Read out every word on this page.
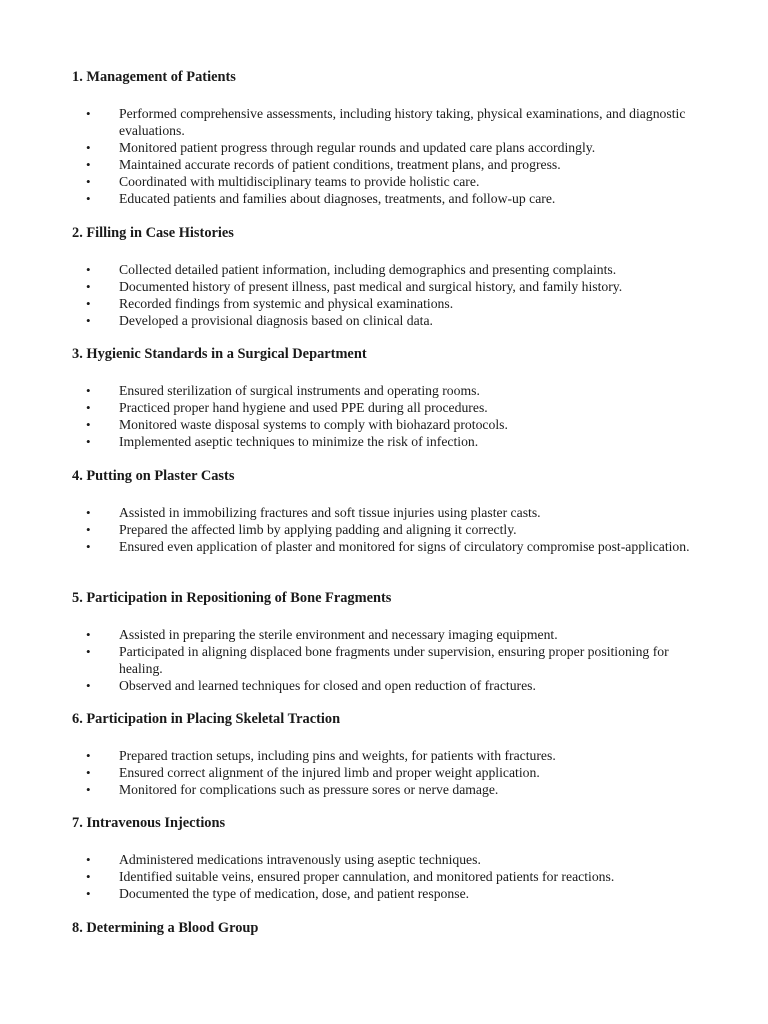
1. Management of Patients
• Performed comprehensive assessments, including history taking, physical examinations, and diagnostic evaluations.
• Monitored patient progress through regular rounds and updated care plans accordingly.
• Maintained accurate records of patient conditions, treatment plans, and progress.
• Coordinated with multidisciplinary teams to provide holistic care.
• Educated patients and families about diagnoses, treatments, and follow-up care.
2. Filling in Case Histories
• Collected detailed patient information, including demographics and presenting complaints.
• Documented history of present illness, past medical and surgical history, and family history.
• Recorded findings from systemic and physical examinations.
• Developed a provisional diagnosis based on clinical data.
3. Hygienic Standards in a Surgical Department
• Ensured sterilization of surgical instruments and operating rooms.
• Practiced proper hand hygiene and used PPE during all procedures.
• Monitored waste disposal systems to comply with biohazard protocols.
• Implemented aseptic techniques to minimize the risk of infection.
4. Putting on Plaster Casts
• Assisted in immobilizing fractures and soft tissue injuries using plaster casts.
• Prepared the affected limb by applying padding and aligning it correctly.
• Ensured even application of plaster and monitored for signs of circulatory compromise post-application.
5. Participation in Repositioning of Bone Fragments
• Assisted in preparing the sterile environment and necessary imaging equipment.
• Participated in aligning displaced bone fragments under supervision, ensuring proper positioning for healing.
• Observed and learned techniques for closed and open reduction of fractures.
6. Participation in Placing Skeletal Traction
• Prepared traction setups, including pins and weights, for patients with fractures.
• Ensured correct alignment of the injured limb and proper weight application.
• Monitored for complications such as pressure sores or nerve damage.
7. Intravenous Injections
• Administered medications intravenously using aseptic techniques.
• Identified suitable veins, ensured proper cannulation, and monitored patients for reactions.
• Documented the type of medication, dose, and patient response.
8. Determining a Blood Group
